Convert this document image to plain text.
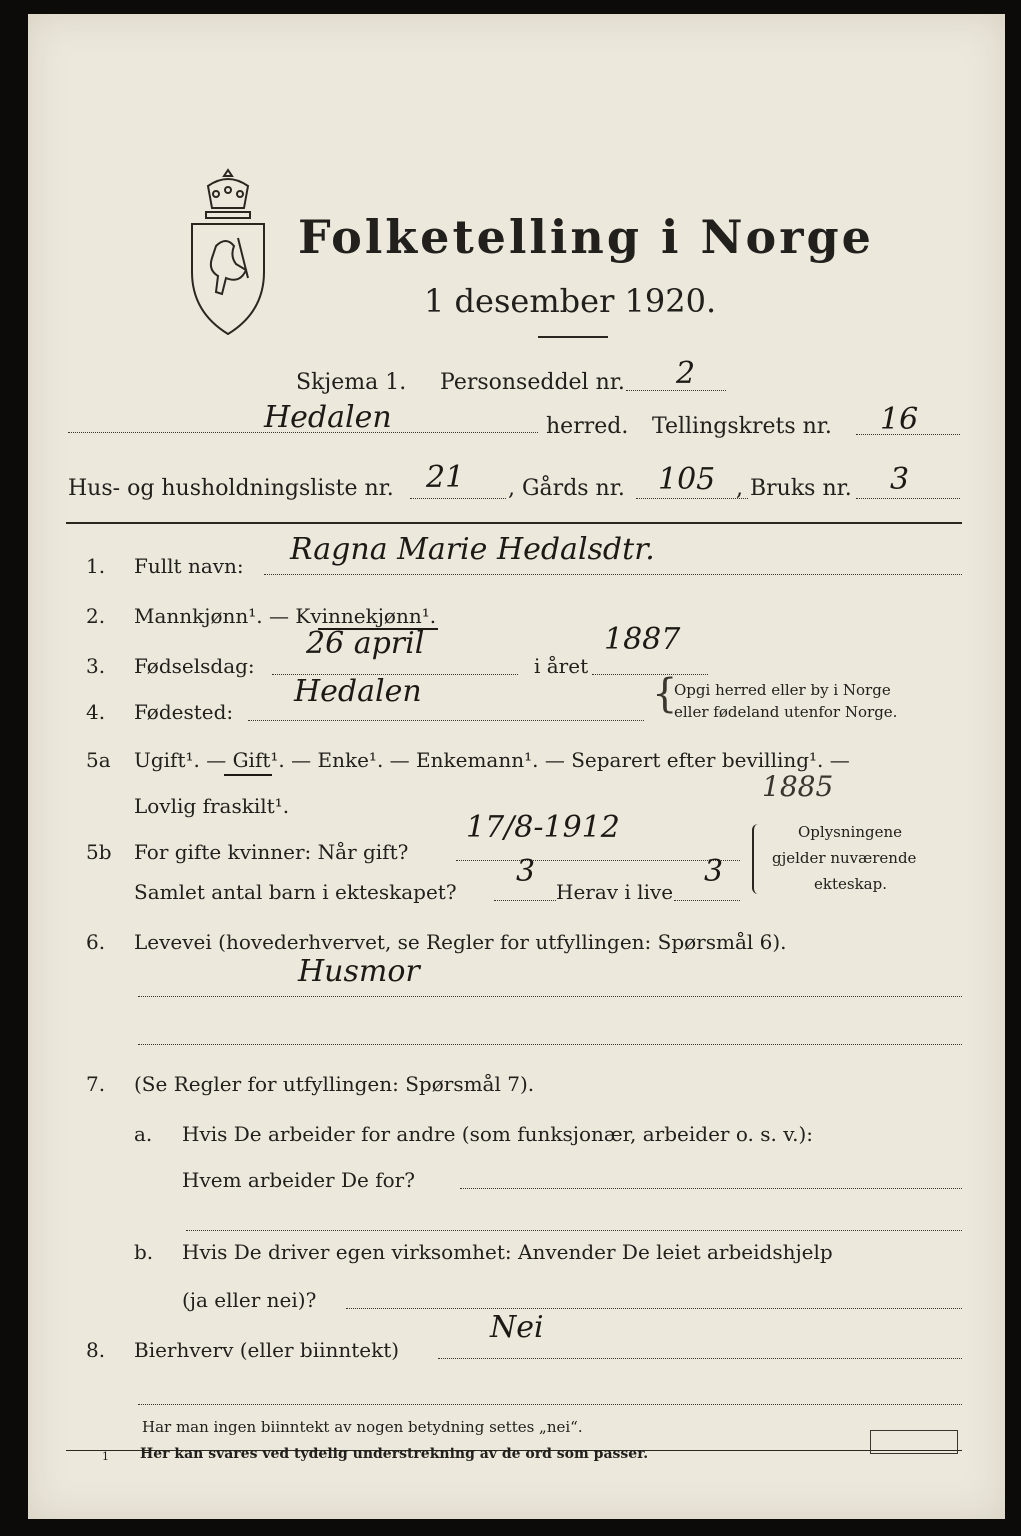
Folketelling i Norge
1 desember 1920.
Skjema 1. Personseddel nr. 2
Hedalen	herred. Tellingskrets nr. 16
Hus- og husholdningsliste nr. 21 , Gårds nr. 105 , Bruks nr. 3
1. Fullt navn: Ragna Marie Hedalsdtr.
2. Mannkjønn¹. — Kvinnekjønn¹.
3. Fødselsdag:
26 april
i året
1887
4. Fødested:
Hedalen	{
Opgi herred eller by i Norge
eller fødeland utenfor Norge.
5a Ugift¹. — Gift¹. — Enke¹. — Enkemann¹. — Separert efter bevilling¹. —
Lovlig fraskilt¹.
1885
5b For gifte kvinner: Når gift?
17/8-1912
Samlet antal barn i ekteskapet?
3
Herav i live
3
Oplysningene
gjelder nuværende
ekteskap.
6. Levevei (hovederhvervet, se Regler for utfyllingen: Spørsmål 6).
Husmor
7. (Se Regler for utfyllingen: Spørsmål 7).
a. Hvis De arbeider for andre (som funksjonær, arbeider o. s. v.):
Hvem arbeider De for?
b. Hvis De driver egen virksomhet: Anvender De leiet arbeidshjelp
(ja eller nei)?
8. Bierhverv (eller biinntekt)
Nei
Har man ingen biinntekt av nogen betydning settes „nei“.
1 Her kan svares ved tydelig understrekning av de ord som passer.
